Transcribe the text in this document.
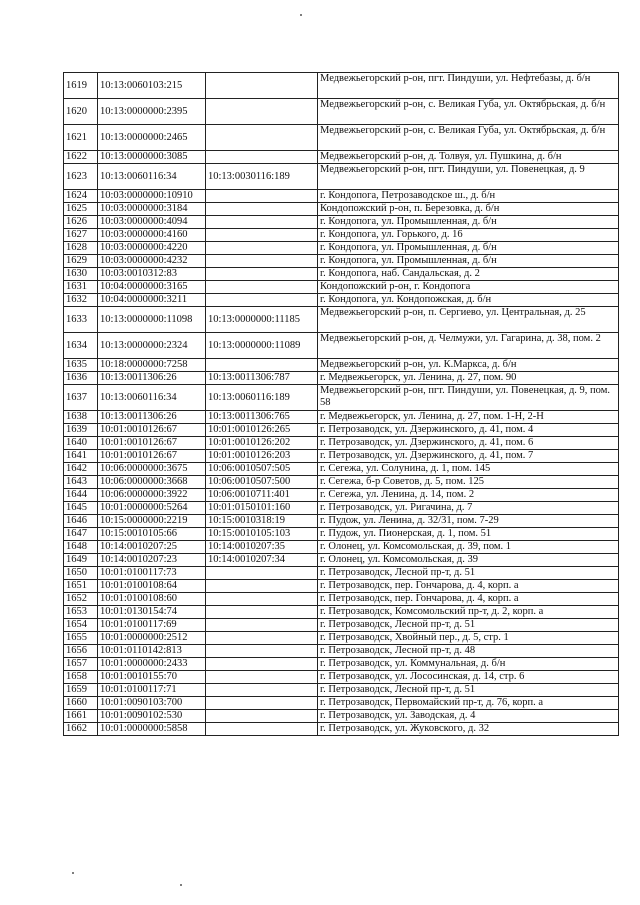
1619	10:13:0060103:215		Медвежьегорский р-он, пгт. Пиндуши, ул. Нефтебазы, д. б/н
1620	10:13:0000000:2395		Медвежьегорский р-он, с. Великая Губа, ул. Октябрьская, д. б/н
1621	10:13:0000000:2465		Медвежьегорский р-он, с. Великая Губа, ул. Октябрьская, д. б/н
1622	10:13:0000000:3085		Медвежьегорский р-он, д. Толвуя, ул. Пушкина, д. б/н
1623	10:13:0060116:34	10:13:0030116:189	Медвежьегорский р-он, пгт. Пиндуши, ул. Повенецкая, д. 9
1624	10:03:0000000:10910		г. Кондопога, Петрозаводское ш., д. б/н
1625	10:03:0000000:3184		Кондопожский р-он, п. Березовка, д. б/н
1626	10:03:0000000:4094		г. Кондопога, ул. Промышленная, д. б/н
1627	10:03:0000000:4160		г. Кондопога, ул. Горького, д. 16
1628	10:03:0000000:4220		г. Кондопога, ул. Промышленная, д. б/н
1629	10:03:0000000:4232		г. Кондопога, ул. Промышленная, д. б/н
1630	10:03:0010312:83		г. Кондопога, наб. Сандальская, д. 2
1631	10:04:0000000:3165		Кондопожский р-он, г. Кондопога
1632	10:04:0000000:3211		г. Кондопога, ул. Кондопожская, д. б/н
1633	10:13:0000000:11098	10:13:0000000:11185	Медвежьегорский р-он, п. Сергиево, ул. Центральная, д. 25
1634	10:13:0000000:2324	10:13:0000000:11089	Медвежьегорский р-он, д. Челмужи, ул. Гагарина, д. 38, пом. 2
1635	10:18:0000000:7258		Медвежьегорский р-он, ул. К.Маркса, д. б/н
1636	10:13:0011306:26	10:13:0011306:787	г. Медвежьегорск, ул. Ленина, д. 27, пом. 90
1637	10:13:0060116:34	10:13:0060116:189	Медвежьегорский р-он, пгт. Пиндуши, ул. Повенецкая, д. 9, пом. 58
1638	10:13:0011306:26	10:13:0011306:765	г. Медвежьегорск, ул. Ленина, д. 27, пом. 1-Н, 2-Н
1639	10:01:0010126:67	10:01:0010126:265	г. Петрозаводск, ул. Дзержинского, д. 41, пом. 4
1640	10:01:0010126:67	10:01:0010126:202	г. Петрозаводск, ул. Дзержинского, д. 41, пом. 6
1641	10:01:0010126:67	10:01:0010126:203	г. Петрозаводск, ул. Дзержинского, д. 41, пом. 7
1642	10:06:0000000:3675	10:06:0010507:505	г. Сегежа, ул. Солунина, д. 1, пом. 145
1643	10:06:0000000:3668	10:06:0010507:500	г. Сегежа, б-р Советов, д. 5, пом. 125
1644	10:06:0000000:3922	10:06:0010711:401	г. Сегежа, ул. Ленина, д. 14, пом. 2
1645	10:01:0000000:5264	10:01:0150101:160	г. Петрозаводск, ул. Ригачина, д. 7
1646	10:15:0000000:2219	10:15:0010318:19	г. Пудож, ул. Ленина, д. 32/31, пом. 7-29
1647	10:15:0010105:66	10:15:0010105:103	г. Пудож, ул. Пионерская, д. 1, пом. 51
1648	10:14:0010207:25	10:14:0010207:35	г. Олонец, ул. Комсомольская, д. 39, пом. 1
1649	10:14:0010207:23	10:14:0010207:34	г. Олонец, ул. Комсомольская, д. 39
1650	10:01:0100117:73		г. Петрозаводск, Лесной пр-т, д. 51
1651	10:01:0100108:64		г. Петрозаводск, пер. Гончарова, д. 4, корп. а
1652	10:01:0100108:60		г. Петрозаводск, пер. Гончарова, д. 4, корп. а
1653	10:01:0130154:74		г. Петрозаводск, Комсомольский пр-т, д. 2, корп. а
1654	10:01:0100117:69		г. Петрозаводск, Лесной пр-т, д. 51
1655	10:01:0000000:2512		г. Петрозаводск, Хвойный пер., д. 5, стр. 1
1656	10:01:0110142:813		г. Петрозаводск, Лесной пр-т, д. 48
1657	10:01:0000000:2433		г. Петрозаводск, ул. Коммунальная, д. б/н
1658	10:01:0010155:70		г. Петрозаводск, ул. Лососинская, д. 14, стр. 6
1659	10:01:0100117:71		г. Петрозаводск, Лесной пр-т, д. 51
1660	10:01:0090103:700		г. Петрозаводск, Первомайский пр-т, д. 76, корп. а
1661	10:01:0090102:530		г. Петрозаводск, ул. Заводская, д. 4
1662	10:01:0000000:5858		г. Петрозаводск, ул. Жуковского, д. 32
